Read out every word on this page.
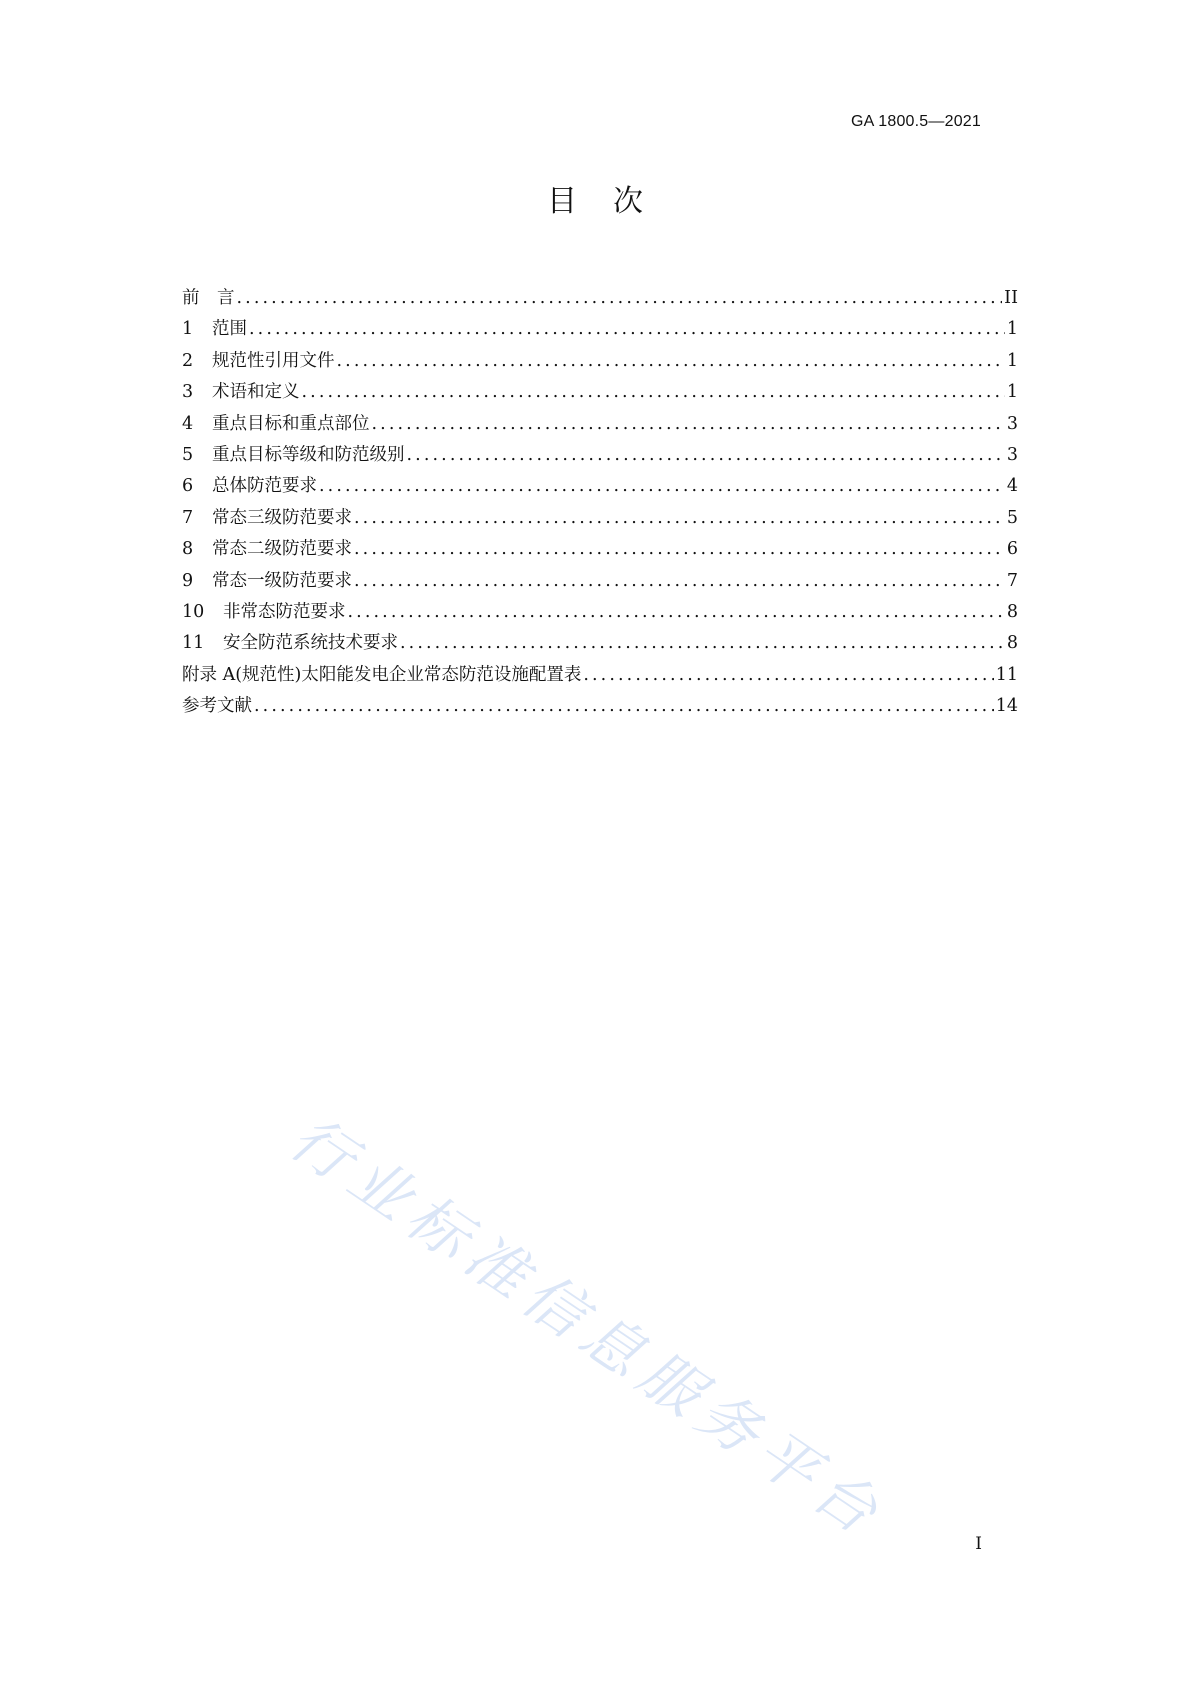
GA 1800.5—2021
目次
前　言 .....	II
1	范围 .....	1
2	规范性引用文件 .....	1
3	术语和定义 .....	1
4	重点目标和重点部位 .....	3
5	重点目标等级和防范级别 .....	3
6	总体防范要求 .....	4
7	常态三级防范要求 .....	5
8	常态二级防范要求 .....	6
9	常态一级防范要求 .....	7
10	非常态防范要求 .....	8
11	安全防范系统技术要求 .....	8
附录 A(规范性)太阳能发电企业常态防范设施配置表 .....	11
参考文献 .....	14
行业标准信息服务平台	I
